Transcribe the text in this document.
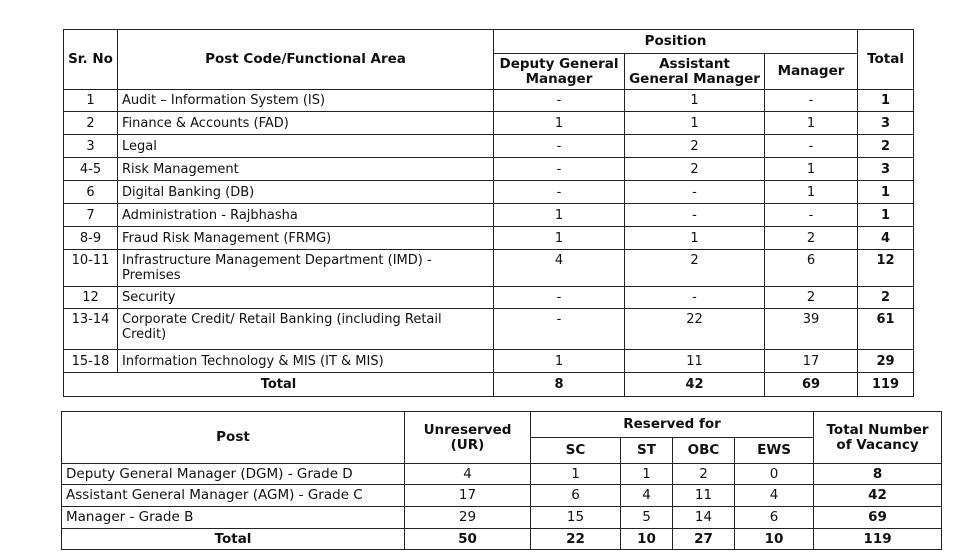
Sr. No	Post Code/Functional Area	Position			Total
		Deputy General Manager	Assistant General Manager	Manager	
1	Audit – Information System (IS)	-	1	-	1
2	Finance & Accounts (FAD)	1	1	1	3
3	Legal	-	2	-	2
4-5	Risk Management	-	2	1	3
6	Digital Banking (DB)	-	-	1	1
7	Administration - Rajbhasha	1	-	-	1
8-9	Fraud Risk Management (FRMG)	1	1	2	4
10-11	Infrastructure Management Department (IMD) - Premises	4	2	6	12
12	Security	-	-	2	2
13-14	Corporate Credit/ Retail Banking (including Retail Credit)	-	22	39	61
15-18	Information Technology & MIS (IT & MIS)	1	11	17	29
Total		8	42	69	119
Post	Unreserved (UR)	Reserved for				Total Number of Vacancy
		SC	ST	OBC	EWS	
Deputy General Manager (DGM) - Grade D	4	1	1	2	0	8
Assistant General Manager (AGM) - Grade C	17	6	4	11	4	42
Manager - Grade B	29	15	5	14	6	69
Total	50	22	10	27	10	119
